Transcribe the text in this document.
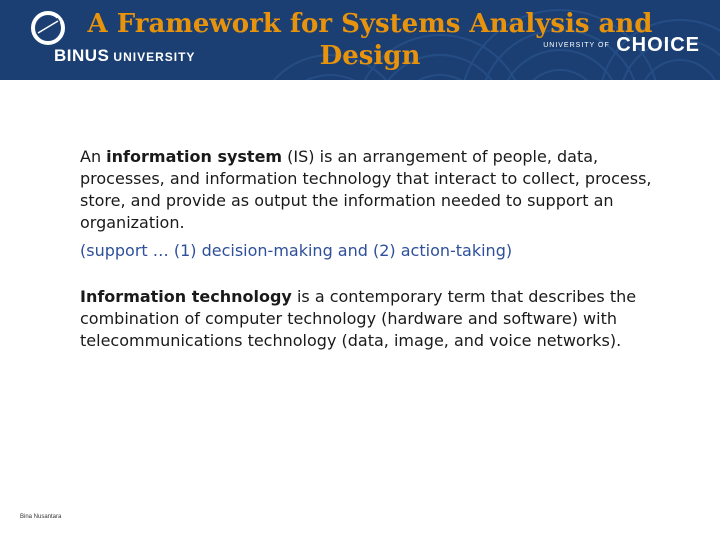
BINUS UNIVERSITY
UNIVERSITY OF CHOICE
A Framework for Systems Analysis and
Design

An information system (IS) is an arrangement of people, data, processes, and information technology that interact to collect, process, store, and provide as output the information needed to support an organization.

(support … (1) decision-making and (2) action-taking)

Information technology is a contemporary term that describes the combination of computer technology (hardware and software) with telecommunications technology (data, image, and voice networks).

Bina Nusantara
